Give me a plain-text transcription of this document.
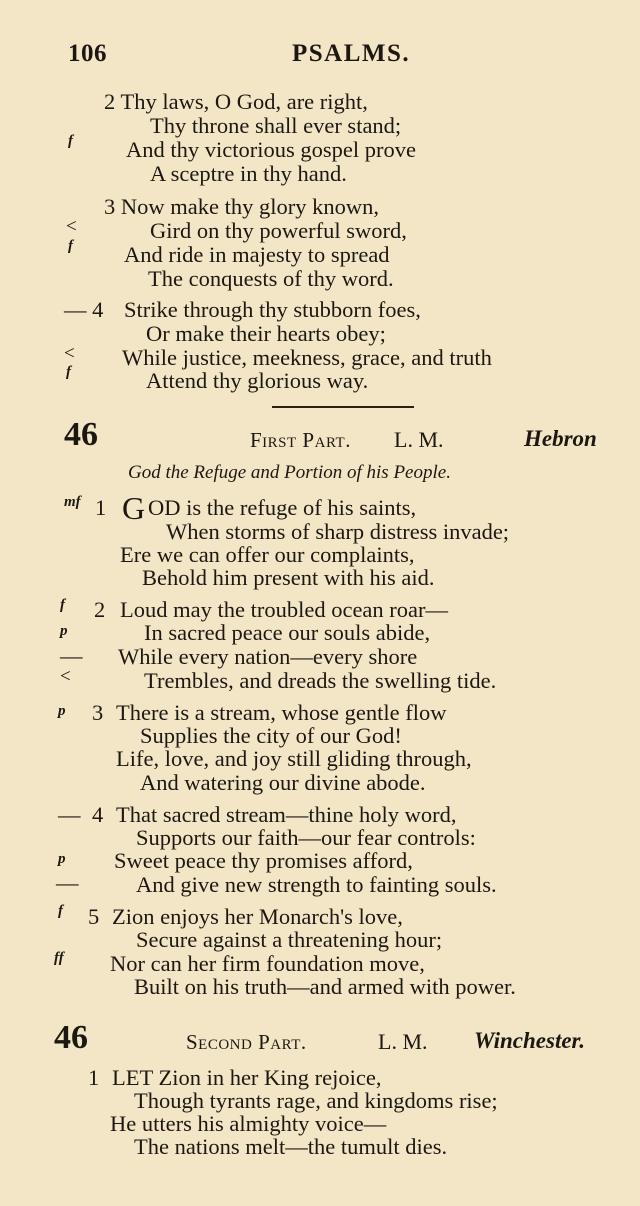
106	PSALMS.
2 Thy laws, O God, are right,
Thy throne shall ever stand;
f And thy victorious gospel prove
A sceptre in thy hand.
3 Now make thy glory known,
<	Gird on thy powerful sword,
f And ride in majesty to spread
The conquests of thy word.
— 4 Strike through thy stubborn foes,
Or make their hearts obey;
< While justice, meekness, grace, and truth
f	Attend thy glorious way.
46	First Part. L. M.	Hebron
God the Refuge and Portion of his People.
mf 1 G OD is the refuge of his saints,
When storms of sharp distress invade;
Ere we can offer our complaints,
Behold him present with his aid.
f 2 Loud may the troubled ocean roar—
p	In sacred peace our souls abide,
— While every nation—every shore
<	Trembles, and dreads the swelling tide.
p 3 There is a stream, whose gentle flow
Supplies the city of our God!
Life, love, and joy still gliding through,
And watering our divine abode.
— 4 That sacred stream—thine holy word,
Supports our faith—our fear controls:
p Sweet peace thy promises afford,
—	And give new strength to fainting souls.
f 5 Zion enjoys her Monarch's love,
Secure against a threatening hour;
ff Nor can her firm foundation move,
Built on his truth—and armed with power.
46	Second Part.	L. M. Winchester.
1 LET Zion in her King rejoice,
Though tyrants rage, and kingdoms rise;
He utters his almighty voice—
The nations melt—the tumult dies.
